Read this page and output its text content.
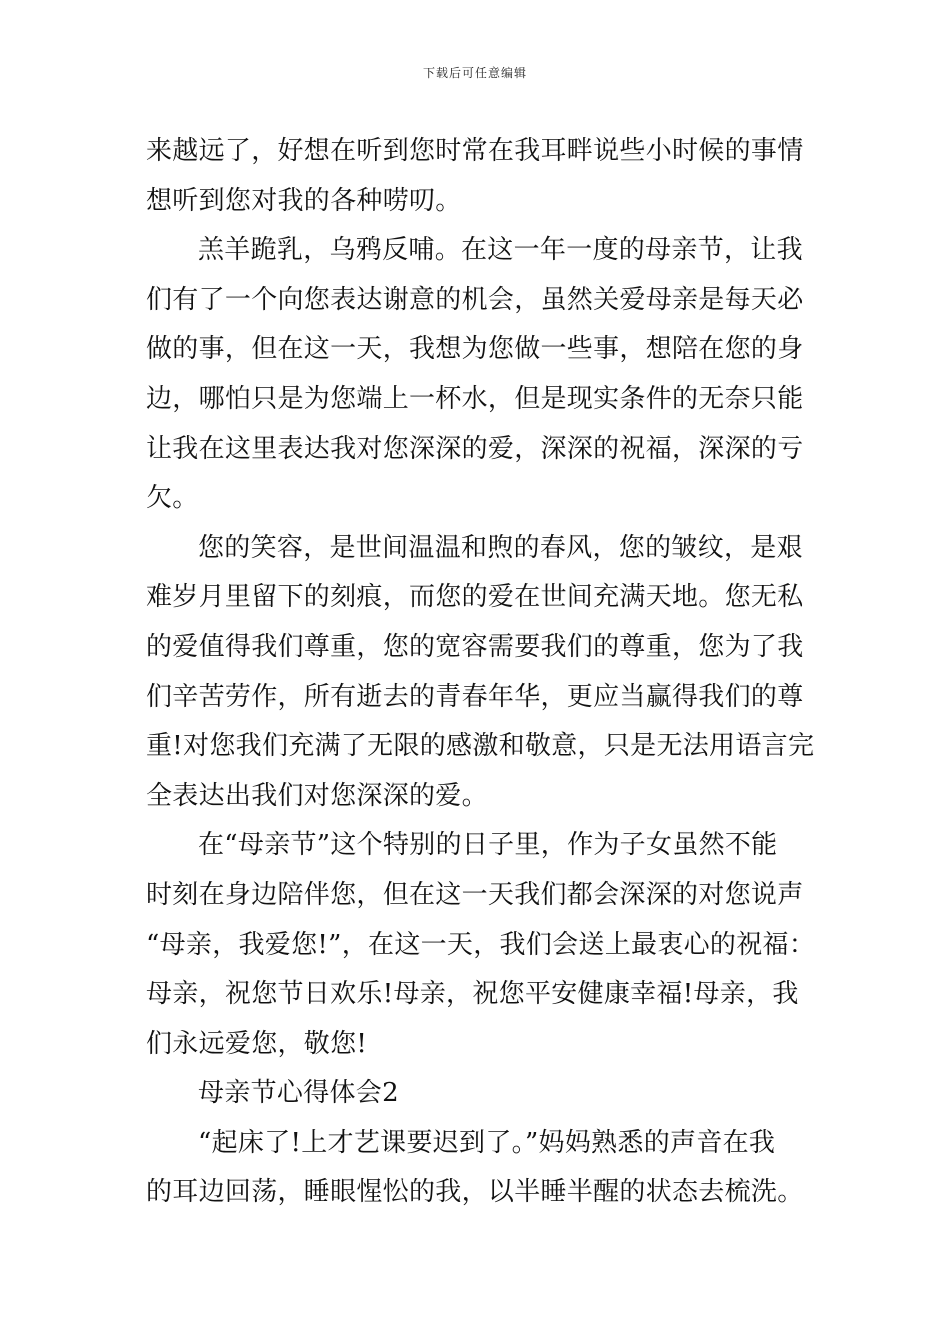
下载后可任意编辑
来越远了，好想在听到您时常在我耳畔说些小时候的事情
想听到您对我的各种唠叨。
羔羊跪乳，乌鸦反哺。在这一年一度的母亲节，让我
们有了一个向您表达谢意的机会，虽然关爱母亲是每天必
做的事，但在这一天，我想为您做一些事，想陪在您的身
边，哪怕只是为您端上一杯水，但是现实条件的无奈只能
让我在这里表达我对您深深的爱，深深的祝福，深深的亏
欠。
您的笑容，是世间温温和煦的春风，您的皱纹，是艰
难岁月里留下的刻痕，而您的爱在世间充满天地。您无私
的爱值得我们尊重，您的宽容需要我们的尊重，您为了我
们辛苦劳作，所有逝去的青春年华，更应当赢得我们的尊
重!对您我们充满了无限的感激和敬意，只是无法用语言完
全表达出我们对您深深的爱。
在“母亲节”这个特别的日子里，作为子女虽然不能
时刻在身边陪伴您，但在这一天我们都会深深的对您说声
“母亲，我爱您!”，在这一天，我们会送上最衷心的祝福：
母亲，祝您节日欢乐!母亲，祝您平安健康幸福!母亲，我
们永远爱您，敬您!
母亲节心得体会2
“起床了!上才艺课要迟到了。”妈妈熟悉的声音在我
的耳边回荡，睡眼惺忪的我，以半睡半醒的状态去梳洗。
